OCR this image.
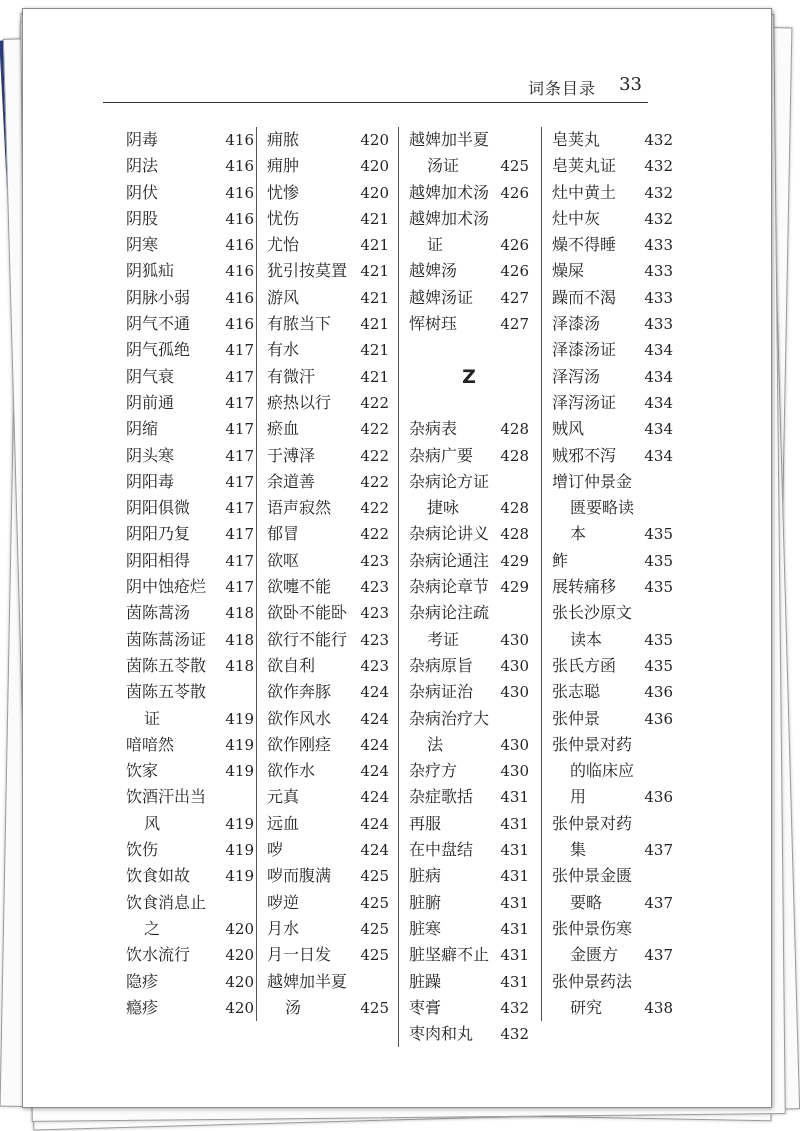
词条目录 33
阴毒	416
阴法	416
阴伏	416
阴股	416
阴寒	416
阴狐疝	416
阴脉小弱 416
阴气不通 416
阴气孤绝 417
阴气衰	417
阴前通	417
阴缩	417
阴头寒	417
阴阳毒	417
阴阳俱微 417
阴阳乃复 417
阴阳相得 417
阴中蚀疮烂 417
茵陈蒿汤 418
茵陈蒿汤证 418
茵陈五苓散 418
茵陈五苓散
证	419
喑喑然	419
饮家	419
饮酒汗出当
风	419
饮伤	419
饮食如故 419
饮食消息止
之	420
饮水流行 420
隐疹	420
瘾疹	420
痈脓	420
痈肿	420
忧惨	420
忧伤	421
尤怡	421
犹引按莫置 421
游风	421
有脓当下 421
有水	421
有微汗	421
瘀热以行 422
瘀血	422
于溥泽	422
余道善	422
语声寂然 422
郁冒	422
欲呕	423
欲嚏不能 423
欲卧不能卧 423
欲行不能行 423
欲自利	423
欲作奔豚 424
欲作风水 424
欲作刚痉 424
欲作水	424
元真	424
远血	424
哕	424
哕而腹满 425
哕逆	425
月水	425
月一日发 425
越婢加半夏
汤	425
越婢加半夏
汤证	425
越婢加术汤 426
越婢加术汤
证	426
越婢汤	426
越婢汤证 427
恽树珏	427
Z
杂病表	428
杂病广要 428
杂病论方证
捷咏	428
杂病论讲义 428
杂病论通注 429
杂病论章节 429
杂病论注疏
考证	430
杂病原旨 430
杂病证治 430
杂病治疗大
法	430
杂疗方	430
杂症歌括 431
再服	431
在中盘结 431
脏病	431
脏腑	431
脏寒	431
脏坚癖不止 431
脏躁	431
枣膏	432
枣肉和丸 432
皂荚丸	432
皂荚丸证 432
灶中黄土 432
灶中灰	432
燥不得睡 433
燥屎	433
躁而不渴 433
泽漆汤	433
泽漆汤证 434
泽泻汤	434
泽泻汤证 434
贼风	434
贼邪不泻 434
增订仲景金
匮要略读
本	435
鲊	435
展转痛移 435
张长沙原文
读本	435
张氏方函 435
张志聪	436
张仲景	436
张仲景对药
的临床应
用	436
张仲景对药
集	437
张仲景金匮
要略	437
张仲景伤寒
金匮方 437
张仲景药法
研究	438
